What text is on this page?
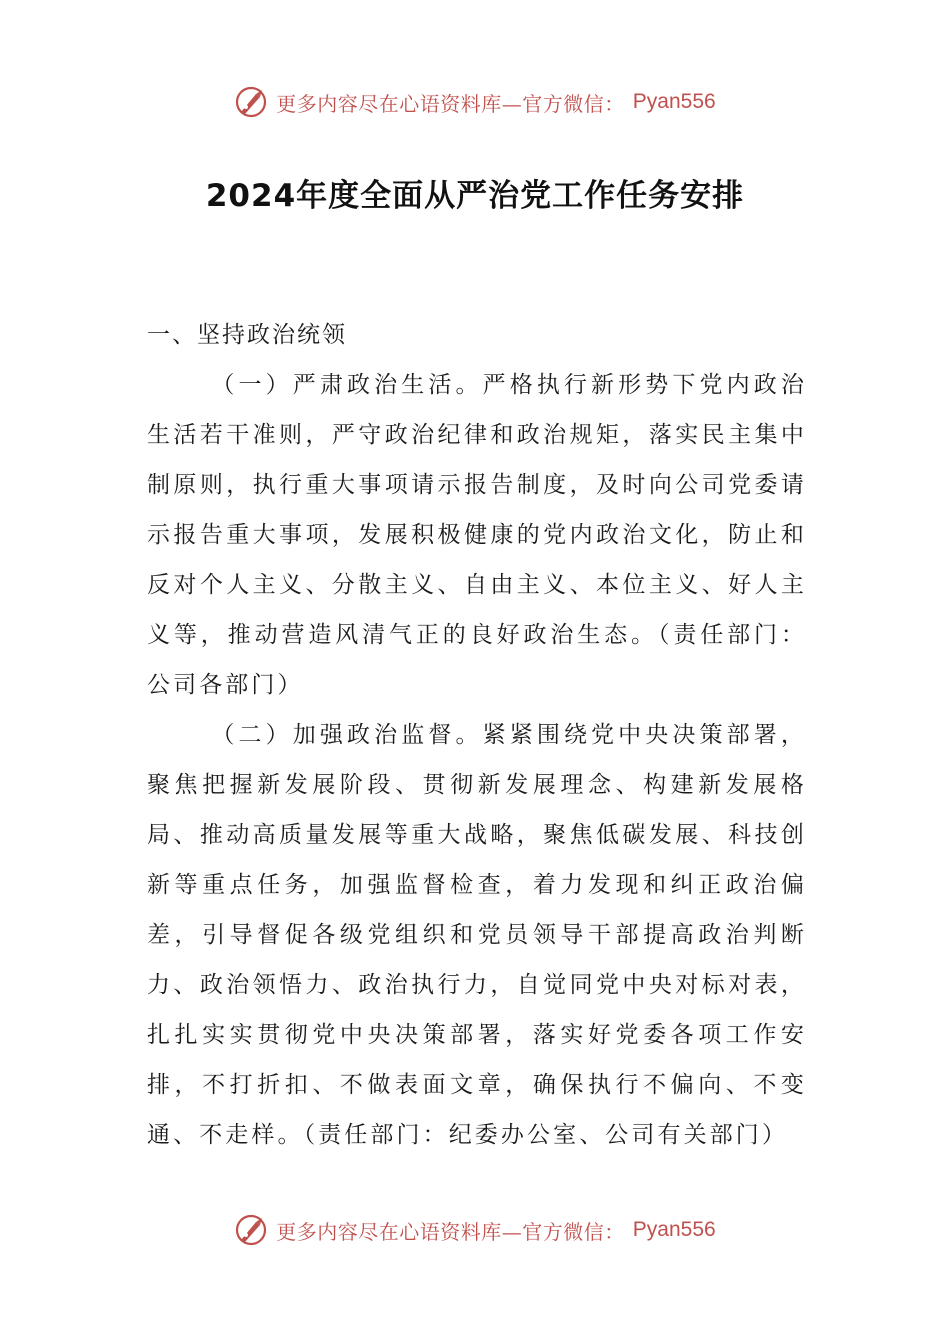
更多内容尽在心语资料库—官方微信： Pyan556
2024年度全面从严治党工作任务安排

一、坚持政治统领

（一）严肃政治生活。严格执行新形势下党内政治生活若干准则，严守政治纪律和政治规矩，落实民主集中制原则，执行重大事项请示报告制度，及时向公司党委请示报告重大事项，发展积极健康的党内政治文化，防止和反对个人主义、分散主义、自由主义、本位主义、好人主义等，推动营造风清气正的良好政治生态。（责任部门：公司各部门）

（二）加强政治监督。紧紧围绕党中央决策部署，聚焦把握新发展阶段、贯彻新发展理念、构建新发展格局、推动高质量发展等重大战略，聚焦低碳发展、科技创新等重点任务，加强监督检查，着力发现和纠正政治偏差，引导督促各级党组织和党员领导干部提高政治判断力、政治领悟力、政治执行力，自觉同党中央对标对表，扎扎实实贯彻党中央决策部署，落实好党委各项工作安排，不打折扣、不做表面文章，确保执行不偏向、不变通、不走样。（责任部门：纪委办公室、公司有关部门）

更多内容尽在心语资料库—官方微信： Pyan556
